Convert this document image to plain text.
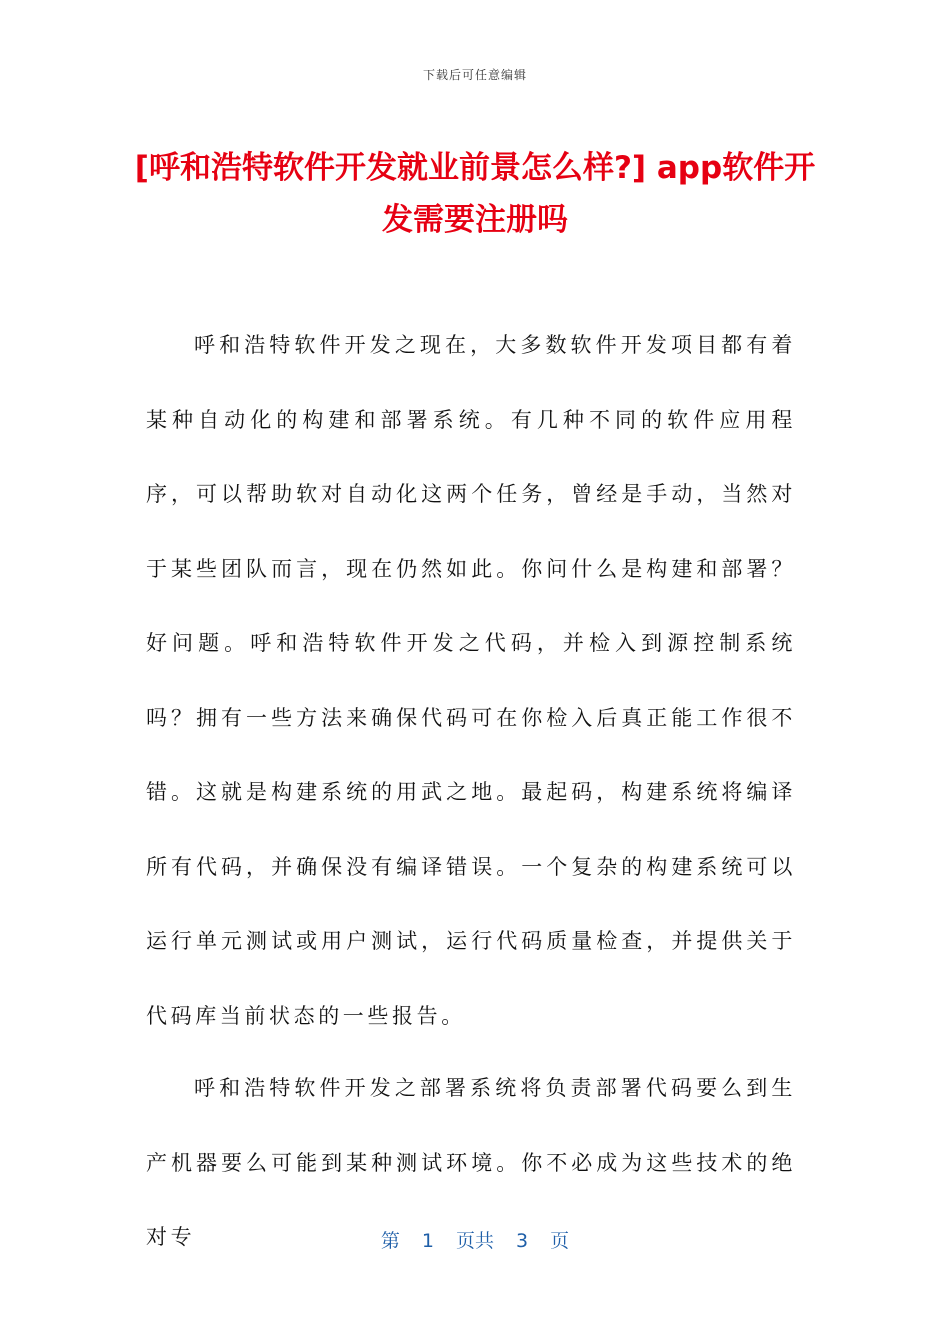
下载后可任意编辑
[呼和浩特软件开发就业前景怎么样?] app软件开发需要注册吗

呼和浩特软件开发之现在，大多数软件开发项目都有着某种自动化的构建和部署系统。有几种不同的软件应用程序，可以帮助软对自动化这两个任务，曾经是手动，当然对于某些团队而言，现在仍然如此。你问什么是构建和部署？好问题。呼和浩特软件开发之代码，并检入到源控制系统吗？拥有一些方法来确保代码可在你检入后真正能工作很不错。这就是构建系统的用武之地。最起码，构建系统将编译所有代码，并确保没有编译错误。一个复杂的构建系统可以运行单元测试或用户测试，运行代码质量检查，并提供关于代码库当前状态的一些报告。

呼和浩特软件开发之部署系统将负责部署代码要么到生产机器要么可能到某种测试环境。你不必成为这些技术的绝对专	第 1 页共 3 页
